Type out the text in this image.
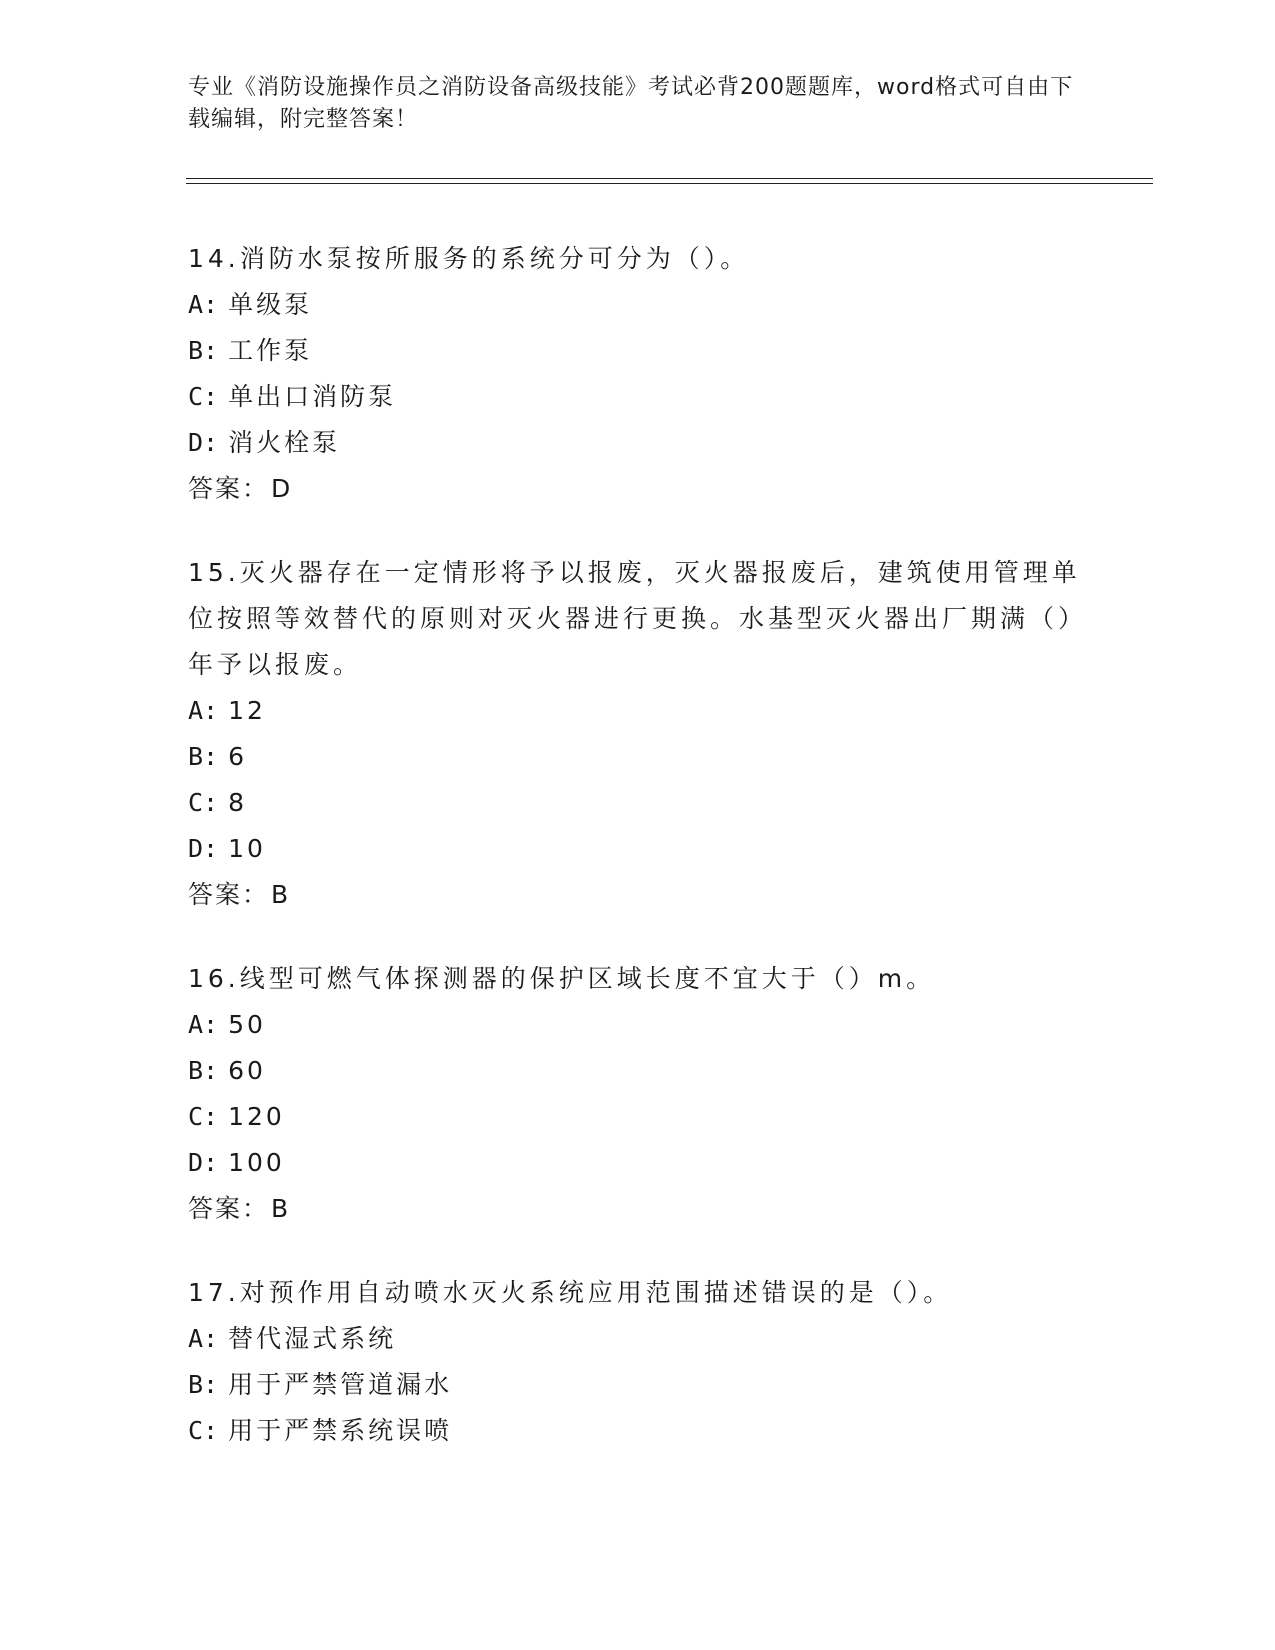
专业《消防设施操作员之消防设备高级技能》考试必背200题题库，word格式可自由下载编辑，附完整答案！

14.消防水泵按所服务的系统分可分为（）。

A: 单级泵

B: 工作泵

C: 单出口消防泵

D: 消火栓泵

答案：D

15.灭火器存在一定情形将予以报废，灭火器报废后，建筑使用管理单位按照等效替代的原则对灭火器进行更换。水基型灭火器出厂期满（）年予以报废。

A: 12

B: 6

C: 8

D: 10

答案：B

16.线型可燃气体探测器的保护区域长度不宜大于（）m。

A: 50

B: 60

C: 120

D: 100

答案：B

17.对预作用自动喷水灭火系统应用范围描述错误的是（）。

A: 替代湿式系统

B: 用于严禁管道漏水

C: 用于严禁系统误喷
